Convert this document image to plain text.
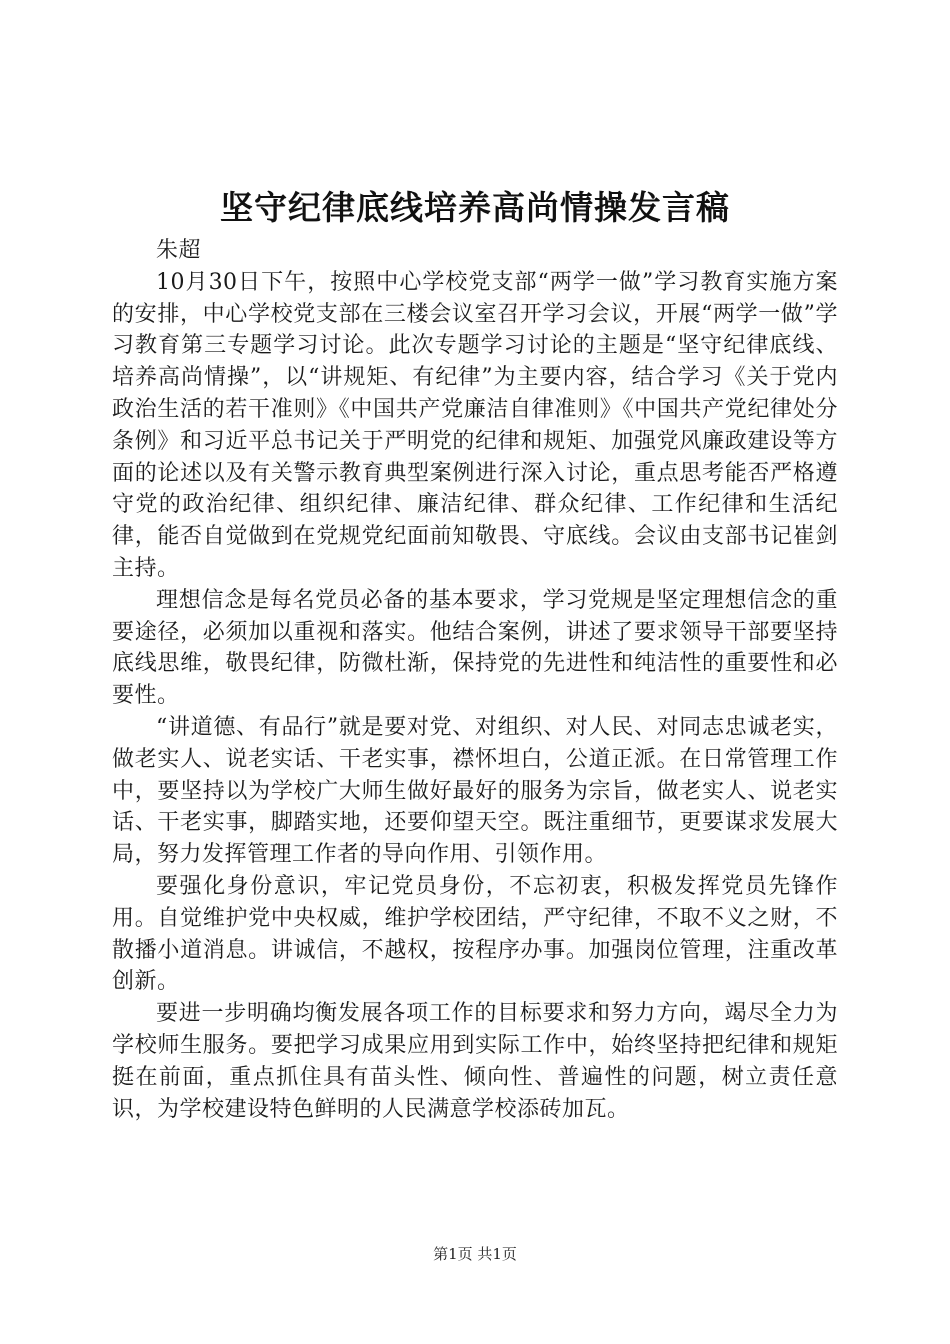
坚守纪律底线培养高尚情操发言稿

朱超

10月30日下午，按照中心学校党支部“两学一做”学习教育实施方案的安排，中心学校党支部在三楼会议室召开学习会议，开展“两学一做”学习教育第三专题学习讨论。此次专题学习讨论的主题是“坚守纪律底线、培养高尚情操”，以“讲规矩、有纪律”为主要内容，结合学习《关于党内政治生活的若干准则》《中国共产党廉洁自律准则》《中国共产党纪律处分条例》和习近平总书记关于严明党的纪律和规矩、加强党风廉政建设等方面的论述以及有关警示教育典型案例进行深入讨论，重点思考能否严格遵守党的政治纪律、组织纪律、廉洁纪律、群众纪律、工作纪律和生活纪律，能否自觉做到在党规党纪面前知敬畏、守底线。会议由支部书记崔剑主持。

理想信念是每名党员必备的基本要求，学习党规是坚定理想信念的重要途径，必须加以重视和落实。他结合案例，讲述了要求领导干部要坚持底线思维，敬畏纪律，防微杜渐，保持党的先进性和纯洁性的重要性和必要性。

“讲道德、有品行”就是要对党、对组织、对人民、对同志忠诚老实，做老实人、说老实话、干老实事，襟怀坦白，公道正派。在日常管理工作中，要坚持以为学校广大师生做好最好的服务为宗旨，做老实人、说老实话、干老实事，脚踏实地，还要仰望天空。既注重细节，更要谋求发展大局，努力发挥管理工作者的导向作用、引领作用。

要强化身份意识，牢记党员身份，不忘初衷，积极发挥党员先锋作用。自觉维护党中央权威，维护学校团结，严守纪律，不取不义之财，不散播小道消息。讲诚信，不越权，按程序办事。加强岗位管理，注重改革创新。

要进一步明确均衡发展各项工作的目标要求和努力方向，竭尽全力为学校师生服务。要把学习成果应用到实际工作中，始终坚持把纪律和规矩挺在前面，重点抓住具有苗头性、倾向性、普遍性的问题，树立责任意识，为学校建设特色鲜明的人民满意学校添砖加瓦。

第1页 共1页
